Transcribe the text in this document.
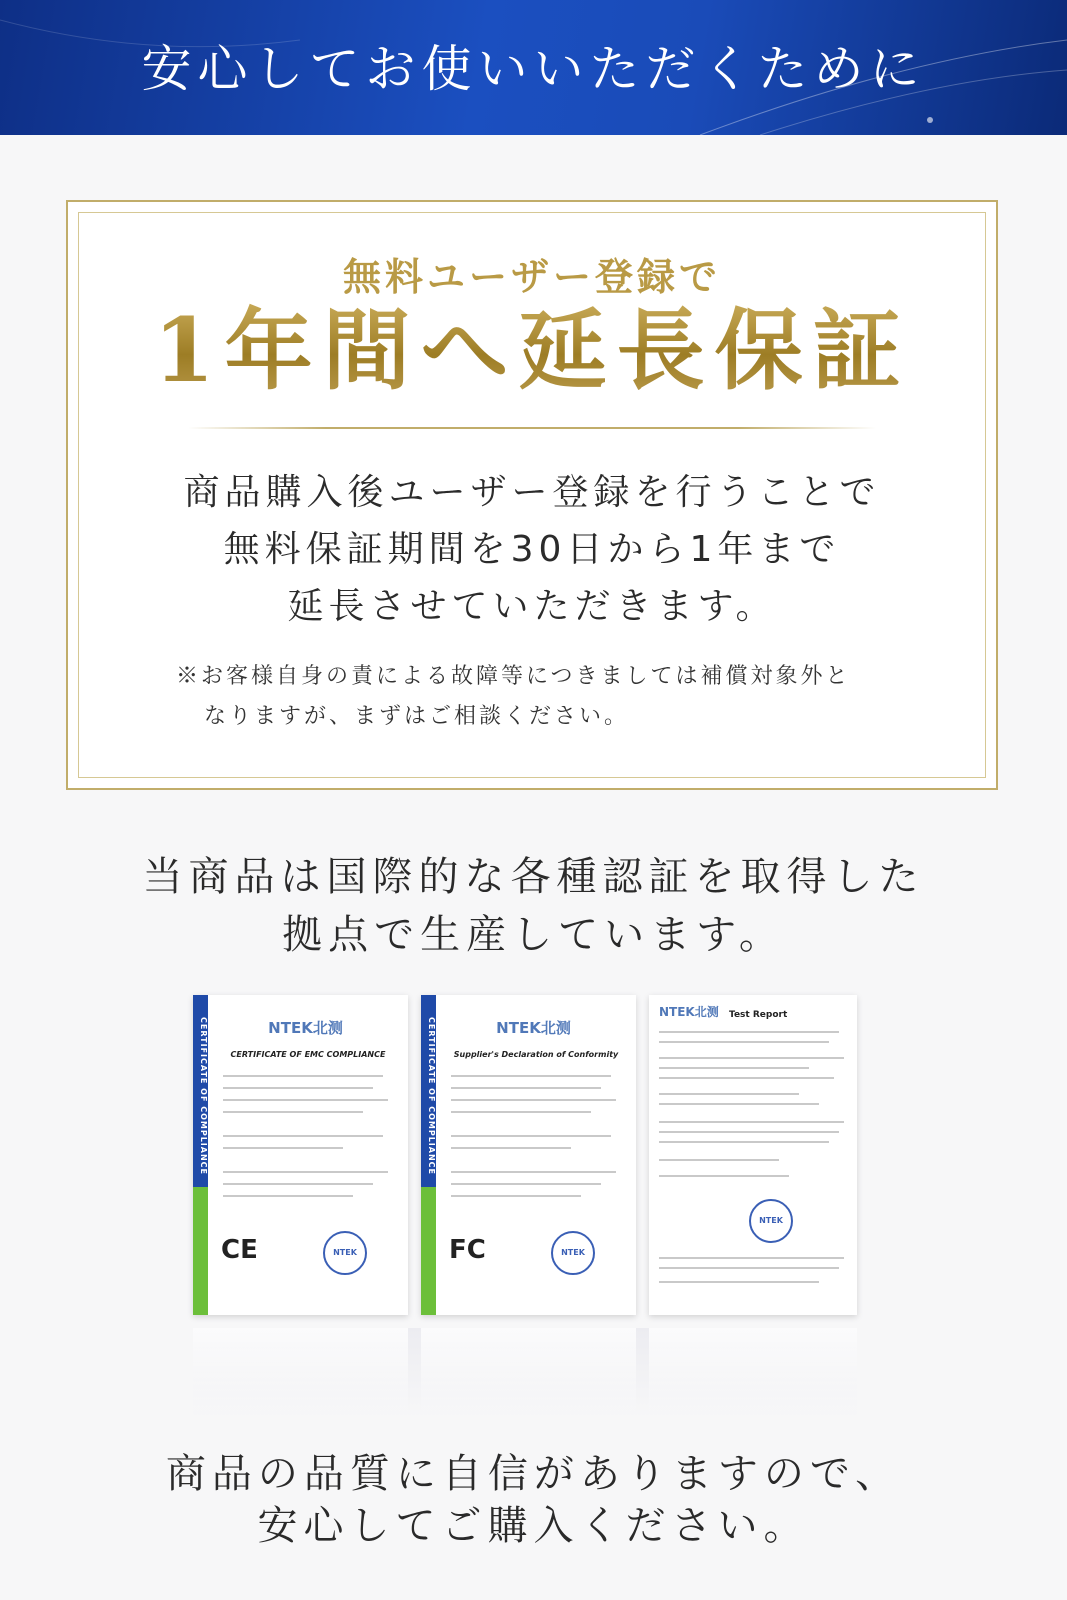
安心してお使いいただくために
無料ユーザー登録で
1年間へ延長保証
商品購入後ユーザー登録を行うことで
無料保証期間を30日から1年まで
延長させていただきます。
※お客様自身の責による故障等につきましては補償対象外と
なりますが、まずはご相談ください。
当商品は国際的な各種認証を取得した
拠点で生産しています。
CERTIFICATE OF COMPLIANCE	NTEK北测
CERTIFICATE OF EMC COMPLIANCE
CE	NTEK
CERTIFICATE OF COMPLIANCE	NTEK北测
Supplier's Declaration of Conformity
FC	NTEK
NTEK北测	Test Report
NTEK
商品の品質に自信がありますので、
安心してご購入ください。
